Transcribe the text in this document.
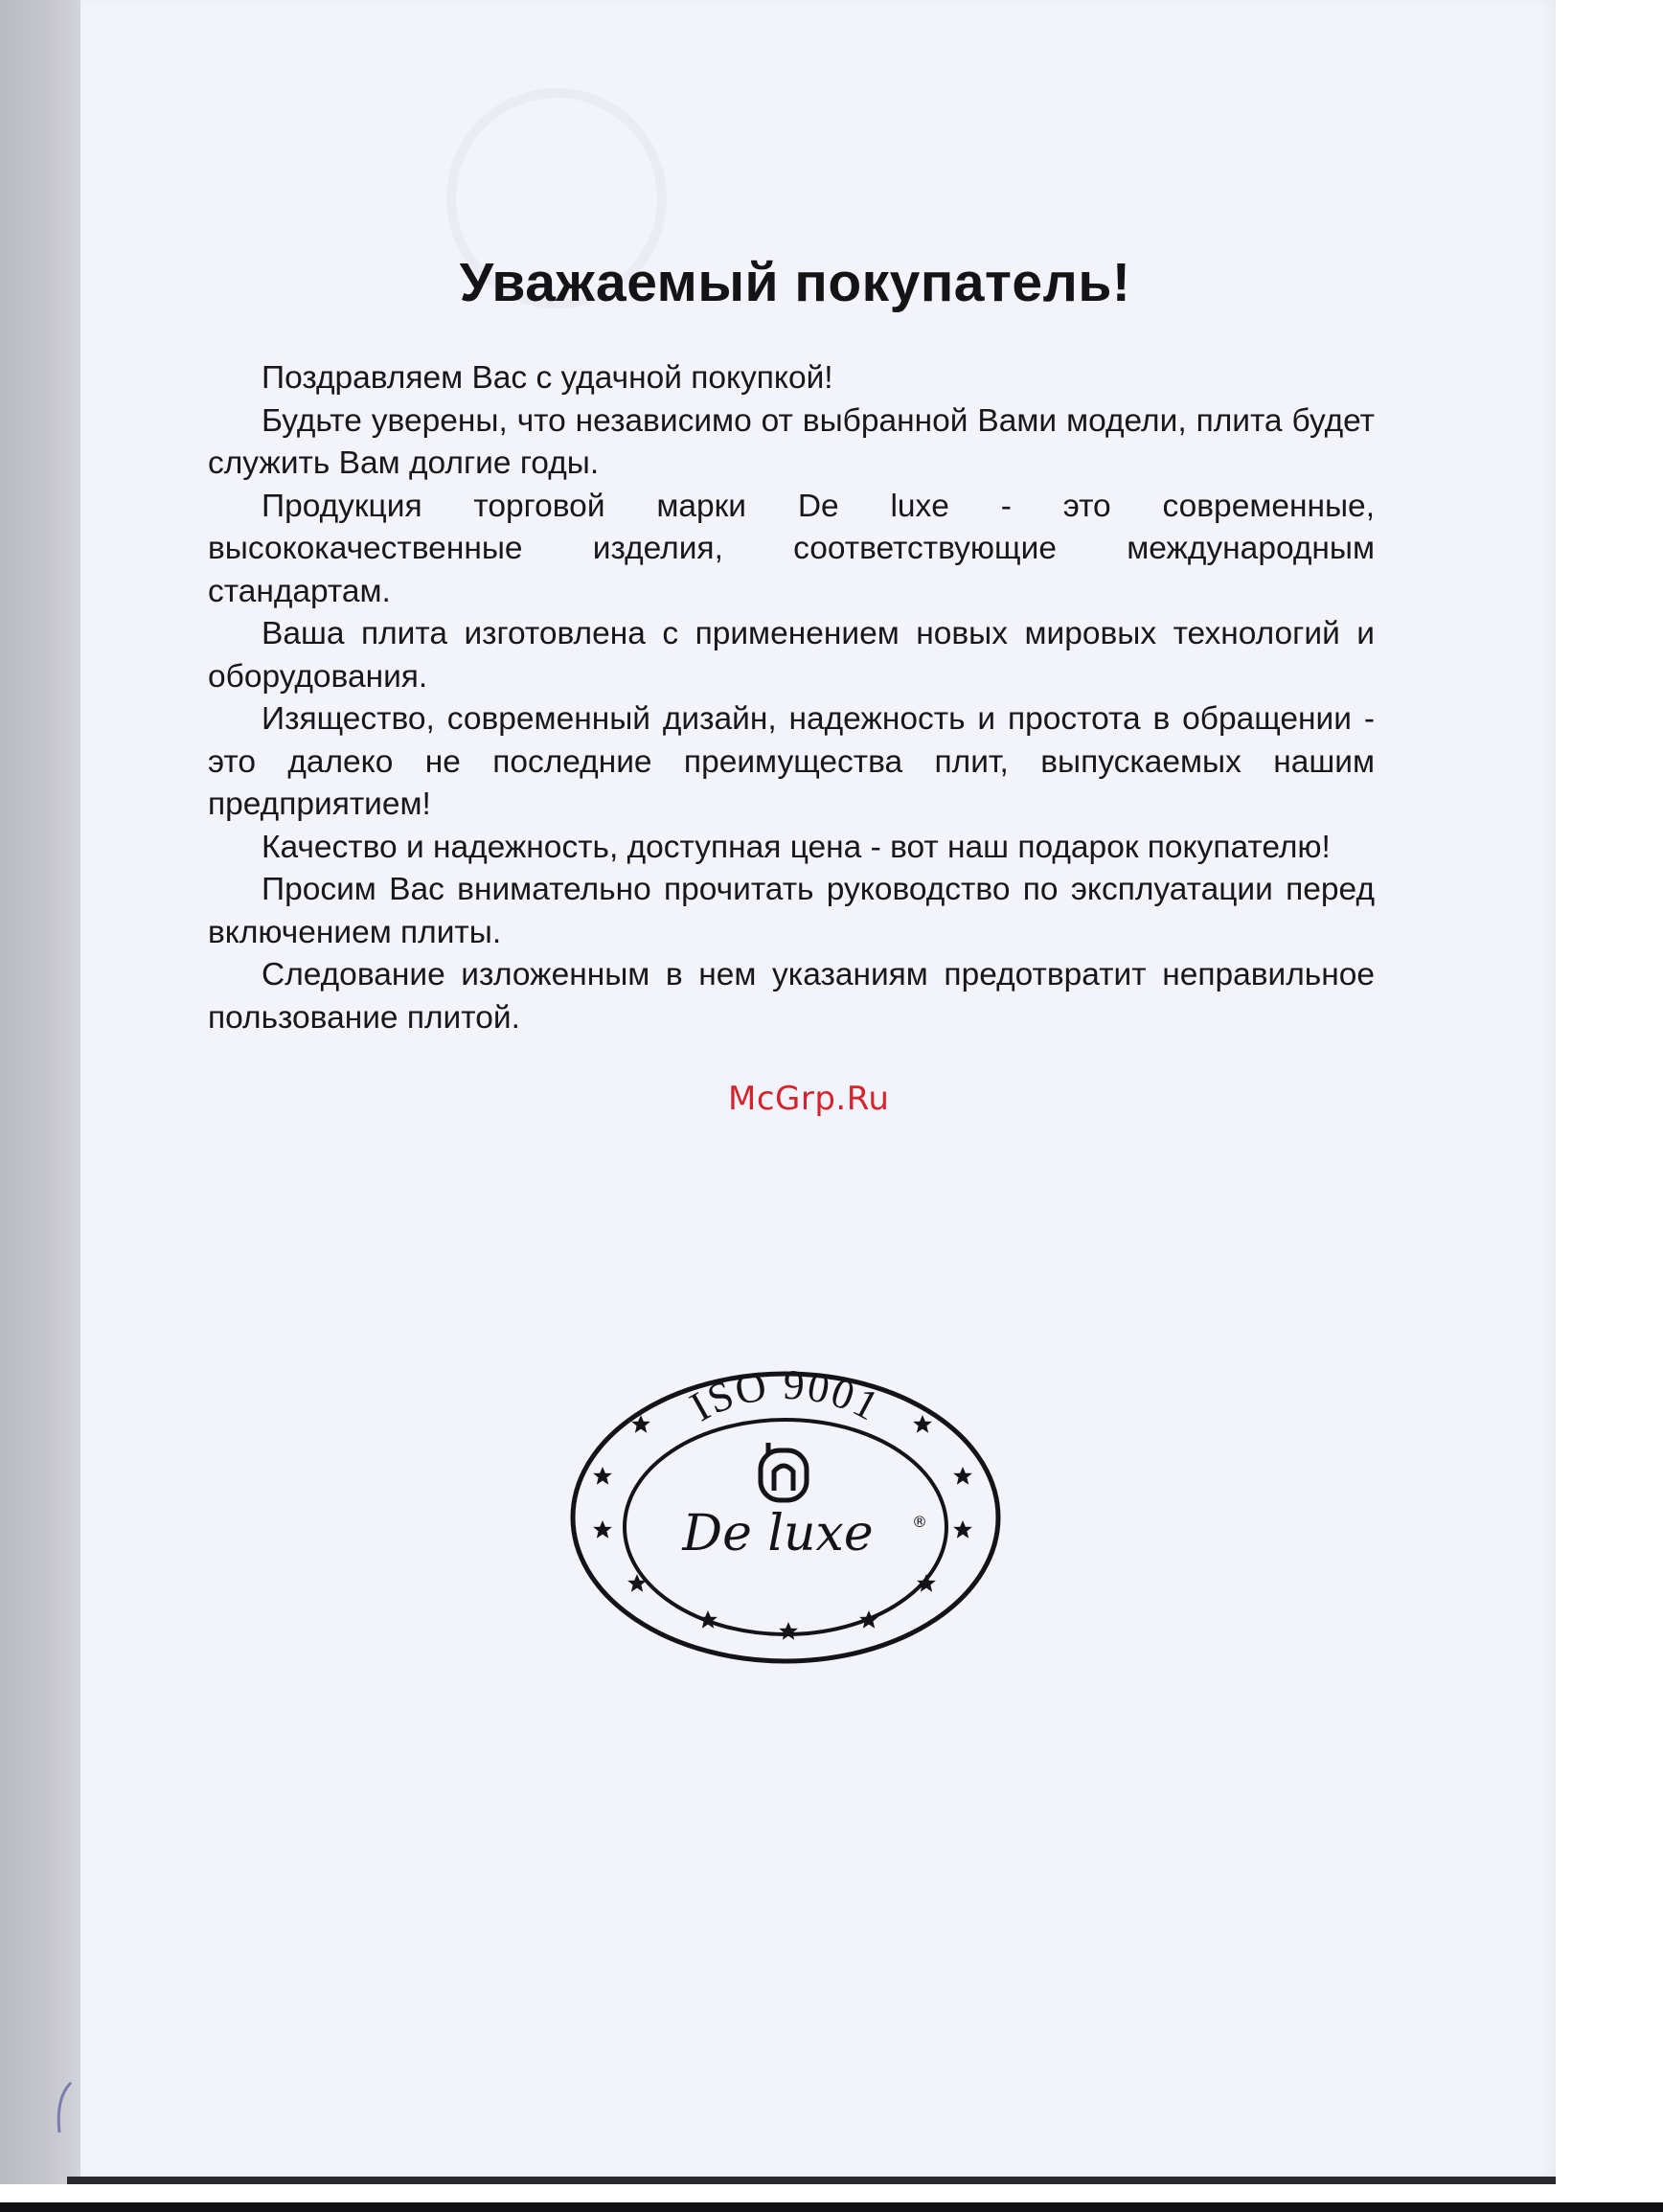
Уважаемый покупатель!

Поздравляем Вас с удачной покупкой!

Будьте уверены, что независимо от выбранной Вами модели, плита будет служить Вам долгие годы.

Продукция торговой марки De luxe - это современные, высококачественные изделия, соответствующие международным стандартам.

Ваша плита изготовлена с применением новых мировых технологий и оборудования.

Изящество, современный дизайн, надежность и простота в обращении - это далеко не последние преимущества плит, выпускаемых нашим предприятием!

Качество и надежность, доступная цена - вот наш подарок покупателю!

Просим Вас внимательно прочитать руководство по эксплуатации перед включением плиты.

Следование изложенным в нем указаниям предотвратит неправильное пользование плитой.

McGrp.Ru
ISO 9001
De luxe	®
